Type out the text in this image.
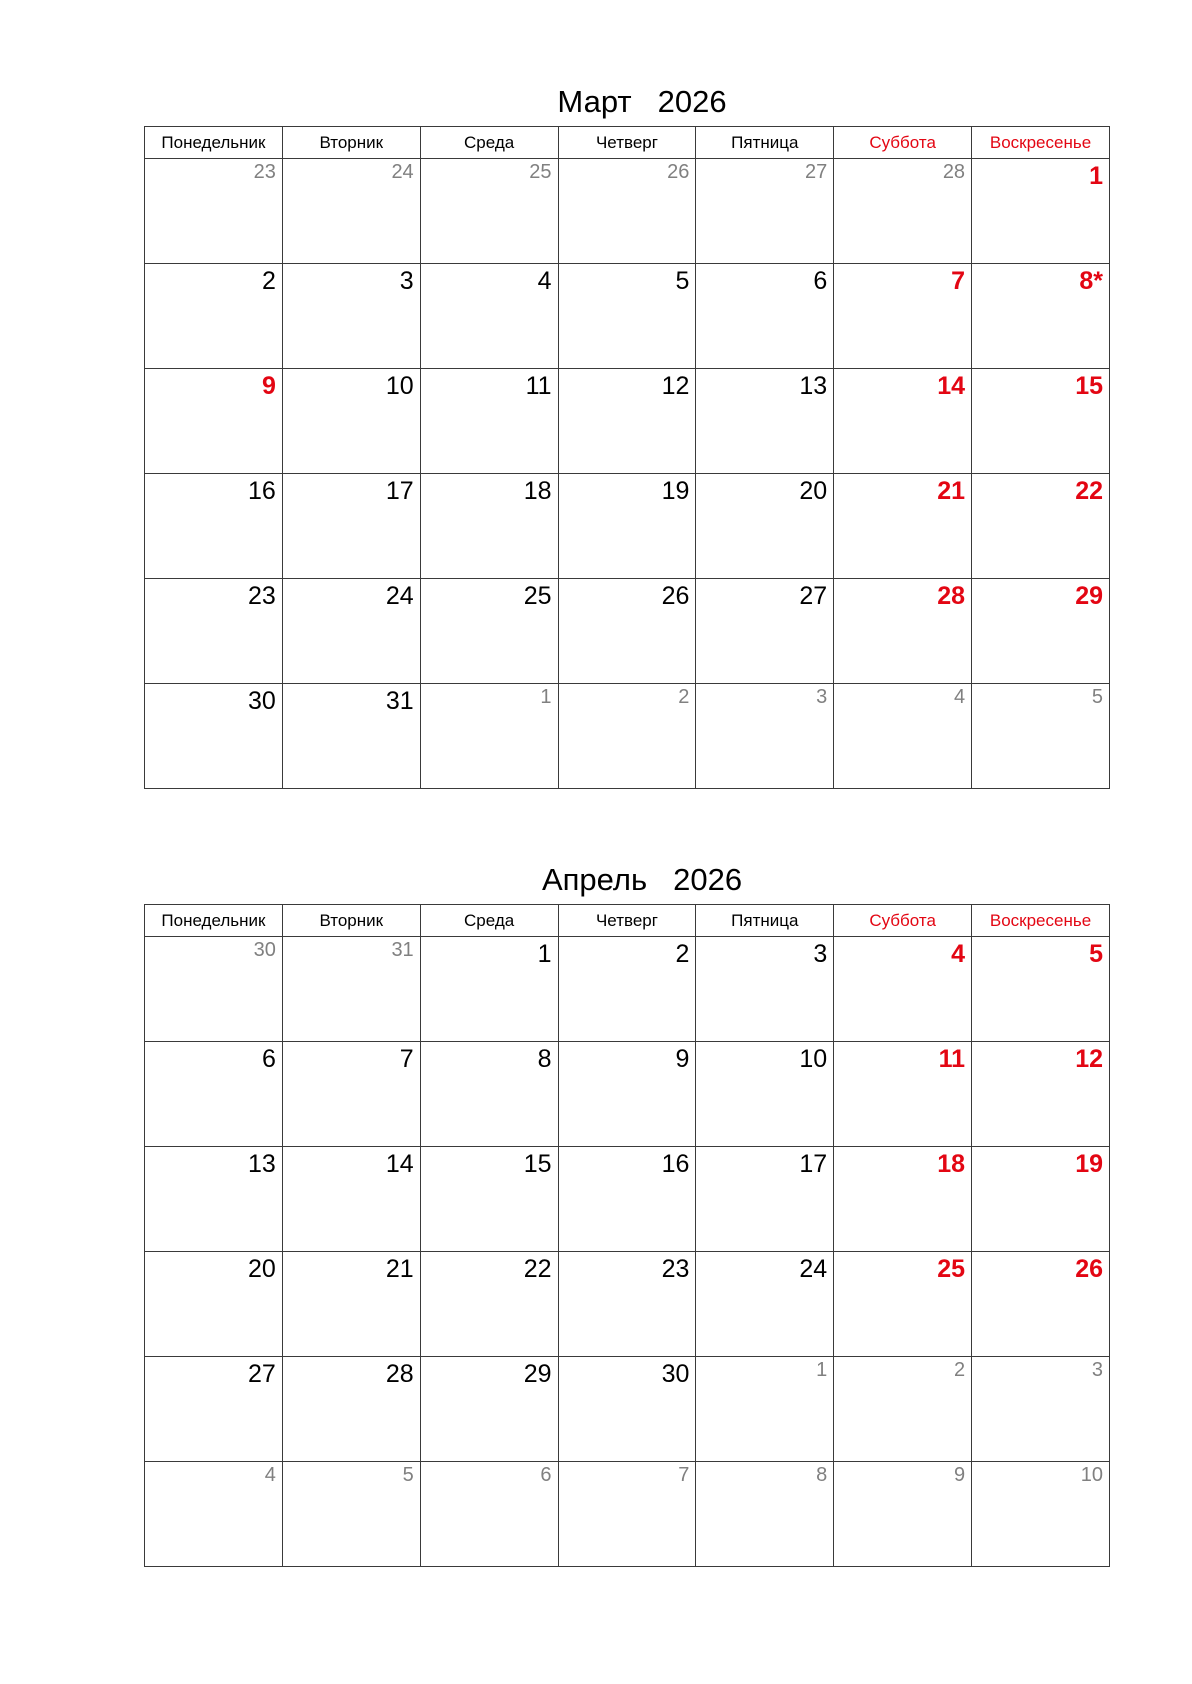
Март 2026
Понедельник	Вторник	Среда	Четверг	Пятница	Суббота	Воскресенье
23	24	25	26	27	28	1
2	3	4	5	6	7	8*
9	10	11	12	13	14	15
16	17	18	19	20	21	22
23	24	25	26	27	28	29
30	31	1	2	3	4	5
Апрель 2026
Понедельник	Вторник	Среда	Четверг	Пятница	Суббота	Воскресенье
30	31	1	2	3	4	5
6	7	8	9	10	11	12
13	14	15	16	17	18	19
20	21	22	23	24	25	26
27	28	29	30	1	2	3
4	5	6	7	8	9	10
